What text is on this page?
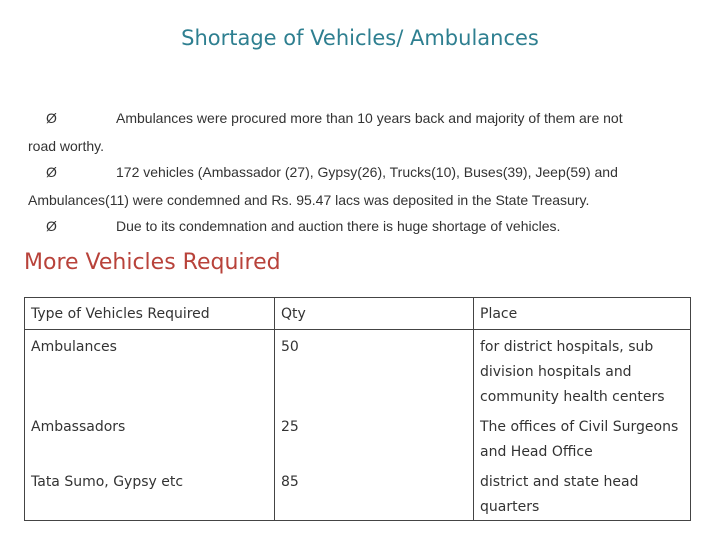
Shortage of Vehicles/ Ambulances
Ø	Ambulances were procured more than 10 years back and majority of them are not
road worthy.
Ø	172 vehicles (Ambassador (27), Gypsy(26), Trucks(10), Buses(39), Jeep(59) and
Ambulances(11) were condemned and Rs. 95.47 lacs was deposited in the State Treasury.
Ø	Due to its condemnation and auction there is huge shortage of vehicles.
More Vehicles Required
Type of Vehicles Required	Qty	Place
Ambulances	50	for district hospitals, sub division hospitals and community health centers
Ambassadors	25	The offices of Civil Surgeons and Head Office
Tata Sumo, Gypsy etc	85	district and state head quarters
